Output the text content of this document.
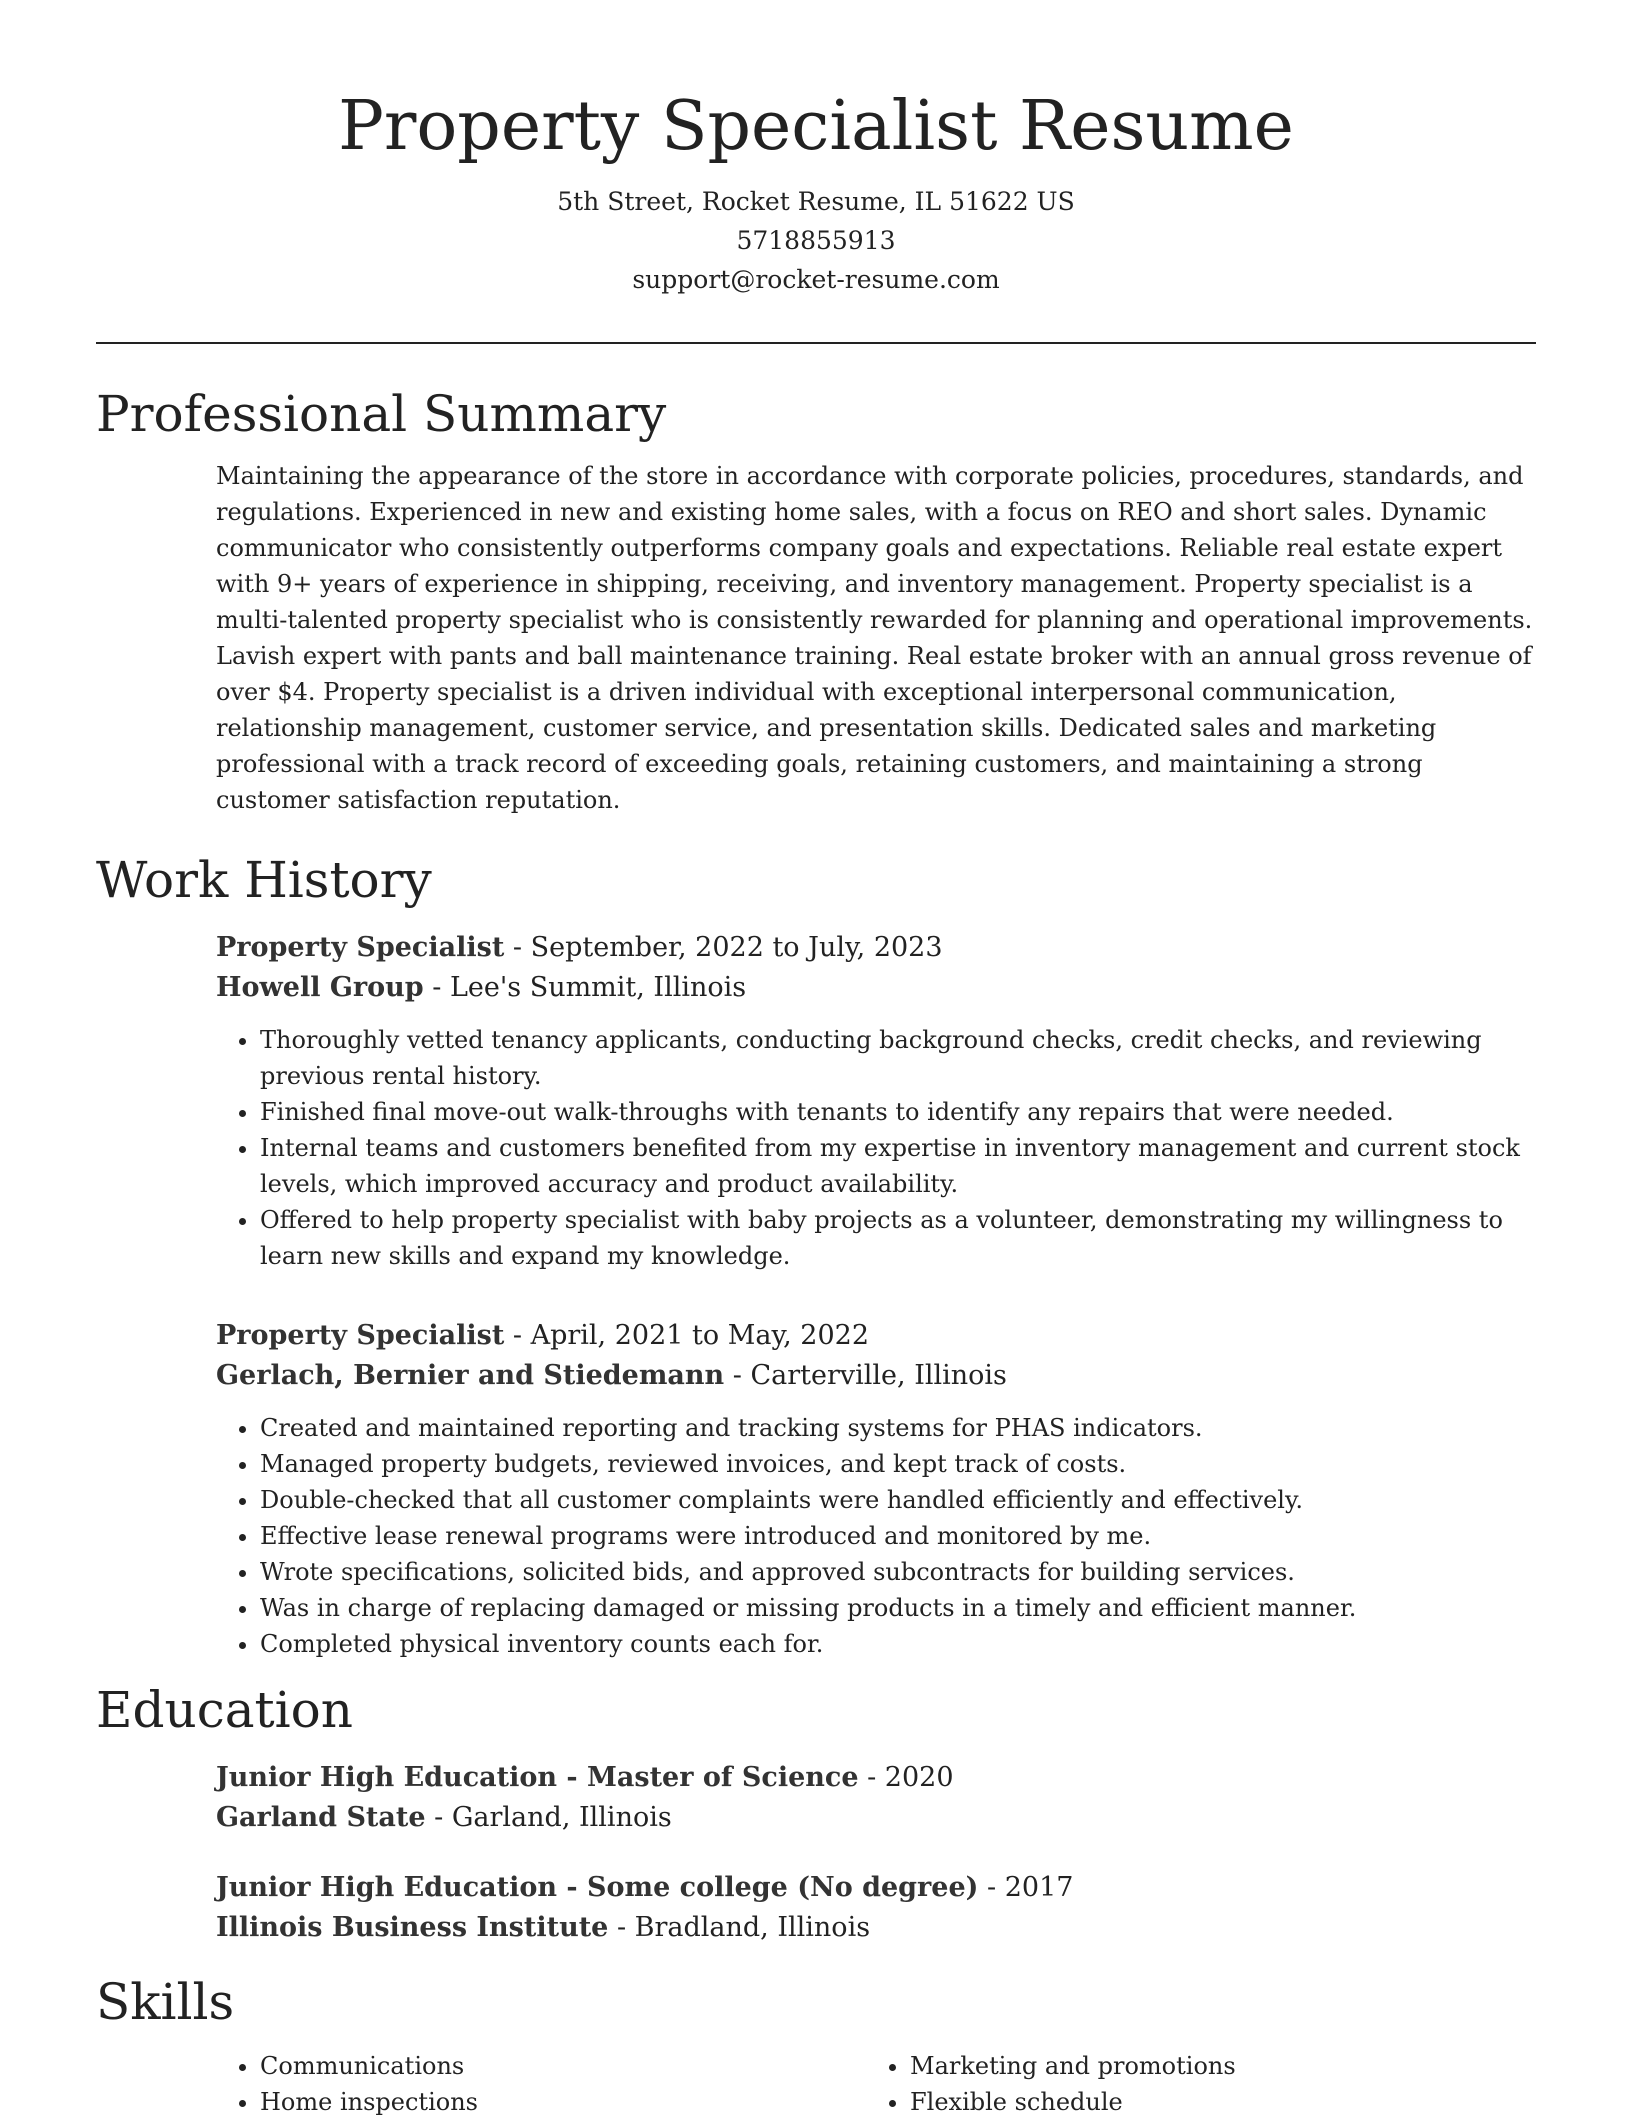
Property Specialist Resume
5th Street, Rocket Resume, IL 51622 US
5718855913
support@rocket-resume.com
Professional Summary

Maintaining the appearance of the store in accordance with corporate policies, procedures, standards, and regulations. Experienced in new and existing home sales, with a focus on REO and short sales. Dynamic communicator who consistently outperforms company goals and expectations. Reliable real estate expert with 9+ years of experience in shipping, receiving, and inventory management. Property specialist is a multi-talented property specialist who is consistently rewarded for planning and operational improvements. Lavish expert with pants and ball maintenance training. Real estate broker with an annual gross revenue of over $4. Property specialist is a driven individual with exceptional interpersonal communication, relationship management, customer service, and presentation skills. Dedicated sales and marketing professional with a track record of exceeding goals, retaining customers, and maintaining a strong customer satisfaction reputation.

Work History
Property Specialist - September, 2022 to July, 2023
Howell Group - Lee's Summit, Illinois
• Thoroughly vetted tenancy applicants, conducting background checks, credit checks, and reviewing previous rental history.
• Finished final move-out walk-throughs with tenants to identify any repairs that were needed.
• Internal teams and customers benefited from my expertise in inventory management and current stock levels, which improved accuracy and product availability.
• Offered to help property specialist with baby projects as a volunteer, demonstrating my willingness to learn new skills and expand my knowledge.
Property Specialist - April, 2021 to May, 2022
Gerlach, Bernier and Stiedemann - Carterville, Illinois
• Created and maintained reporting and tracking systems for PHAS indicators.
• Managed property budgets, reviewed invoices, and kept track of costs.
• Double-checked that all customer complaints were handled efficiently and effectively.
• Effective lease renewal programs were introduced and monitored by me.
• Wrote specifications, solicited bids, and approved subcontracts for building services.
• Was in charge of replacing damaged or missing products in a timely and efficient manner.
• Completed physical inventory counts each for.
Education
Junior High Education - Master of Science - 2020
Garland State - Garland, Illinois
Junior High Education - Some college (No degree) - 2017
Illinois Business Institute - Bradland, Illinois
Skills
• Communications
• Home inspections
• Marketing and promotions
• Flexible schedule
